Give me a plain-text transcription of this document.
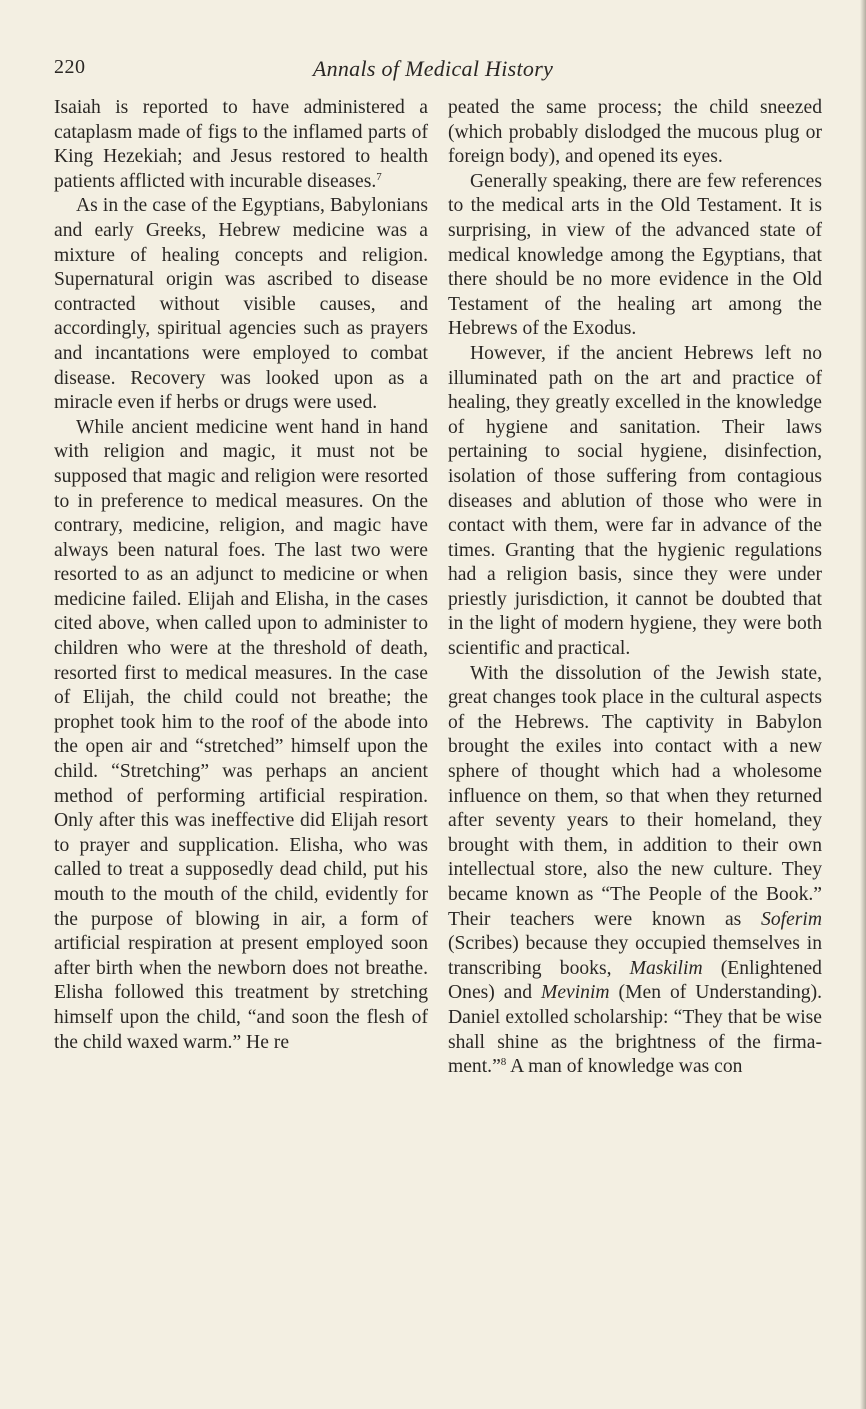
220	Annals of Medical History

Isaiah is reported to have administered a cataplasm made of figs to the inflamed parts of King Hezekiah; and Jesus restored to health patients afflicted with incurable diseases.$^7$

As in the case of the Egyptians, Babylonians and early Greeks, Hebrew medicine was a mixture of healing concepts and religion. Supernatural origin was ascribed to disease contracted without visible causes, and accordingly, spiritual agencies such as prayers and incantations were employed to combat disease. Recovery was looked upon as a miracle even if herbs or drugs were used.

While ancient medicine went hand in hand with religion and magic, it must not be supposed that magic and religion were resorted to in preference to medical measures. On the contrary, medicine, religion, and magic have always been natural foes. The last two were resorted to as an adjunct to medicine or when medicine failed. Elijah and Elisha, in the cases cited above, when called upon to administer to children who were at the threshold of death, resorted first to medical measures. In the case of Elijah, the child could not breathe; the prophet took him to the roof of the abode into the open air and “stretched” himself upon the child. “Stretching” was perhaps an ancient method of performing artificial respiration. Only after this was ineffective did Elijah resort to prayer and supplication. Elisha, who was called to treat a supposedly dead child, put his mouth to the mouth of the child, evidently for the purpose of blowing in air, a form of artificial respiration at present employed soon after birth when the newborn does not breathe. Elisha followed this treatment by stretching himself upon the child, “and soon the flesh of the child waxed warm.” He re

peated the same process; the child sneezed (which probably dislodged the mucous plug or foreign body), and opened its eyes.

Generally speaking, there are few references to the medical arts in the Old Testament. It is surprising, in view of the advanced state of medical knowledge among the Egyptians, that there should be no more evidence in the Old Testament of the healing art among the Hebrews of the Exodus.

However, if the ancient Hebrews left no illuminated path on the art and practice of healing, they greatly excelled in the knowledge of hygiene and sanitation. Their laws pertaining to social hygiene, disinfection, isolation of those suffering from contagious diseases and ablution of those who were in contact with them, were far in advance of the times. Granting that the hygienic regulations had a religion basis, since they were under priestly jurisdiction, it cannot be doubted that in the light of modern hygiene, they were both scientific and practical.

With the dissolution of the Jewish state, great changes took place in the cultural aspects of the Hebrews. The captivity in Babylon brought the exiles into contact with a new sphere of thought which had a wholesome influence on them, so that when they returned after seventy years to their homeland, they brought with them, in addition to their own intellectual store, also the new culture. They became known as “The People of the Book.” Their teachers were known as Soferim (Scribes) because they occupied themselves in transcribing books, Maskilim (Enlightened Ones) and Mevinim (Men of Understanding). Daniel extolled scholarship: “They that be wise shall shine as the brightness of the firmament.”$^8$ A man of knowledge was con
